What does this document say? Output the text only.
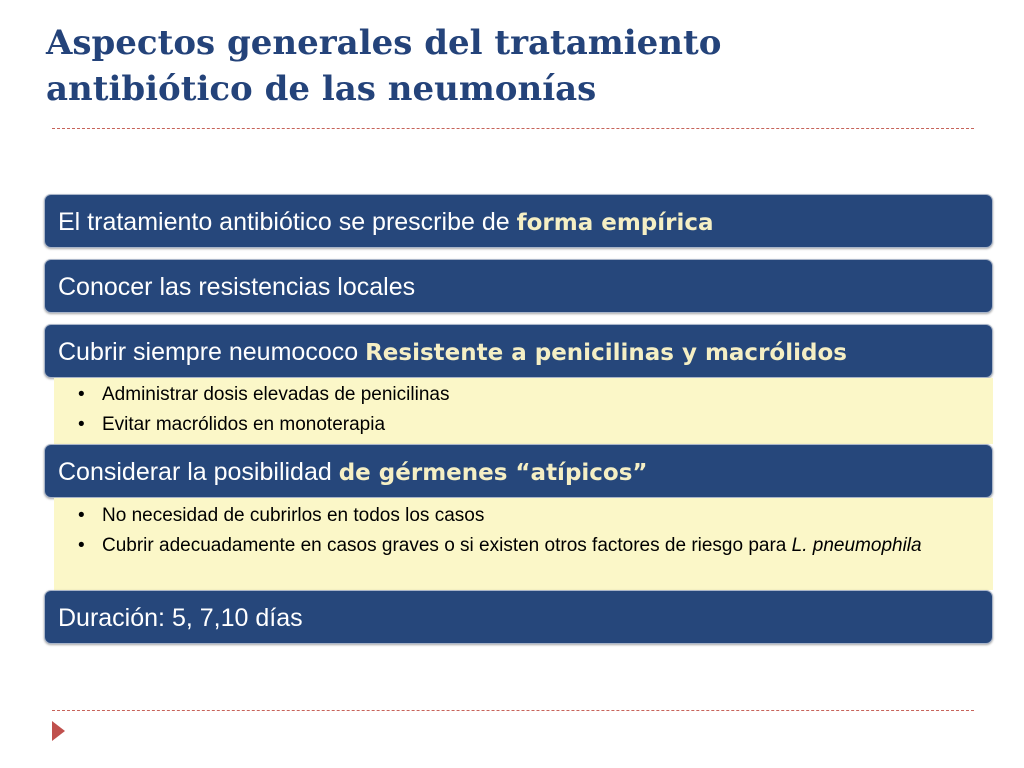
Aspectos generales del tratamiento
antibiótico de las neumonías
El tratamiento antibiótico se prescribe de forma empírica
Conocer las resistencias locales
Cubrir siempre neumococo Resistente a penicilinas y macrólidos
• Administrar dosis elevadas de penicilinas
• Evitar macrólidos en monoterapia
Considerar la posibilidad de gérmenes “atípicos”
• No necesidad de cubrirlos en todos los casos
• Cubrir adecuadamente en casos graves o si existen otros factores de riesgo para L. pneumophila
Duración: 5, 7,10 días
